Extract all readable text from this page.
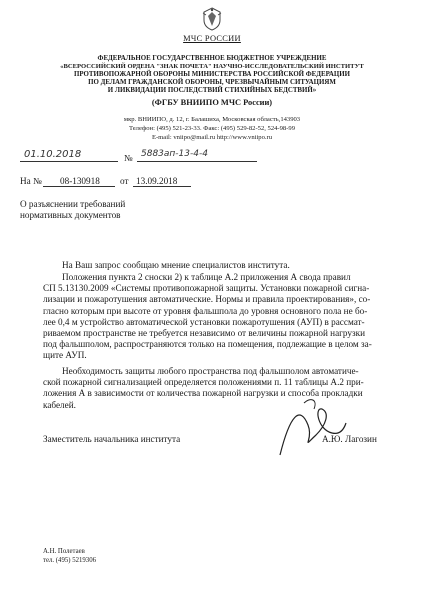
МЧС РОССИИ
ФЕДЕРАЛЬНОЕ ГОСУДАРСТВЕННОЕ БЮДЖЕТНОЕ УЧРЕЖДЕНИЕ
«ВСЕРОССИЙСКИЙ ОРДЕНА "ЗНАК ПОЧЕТА" НАУЧНО-ИССЛЕДОВАТЕЛЬСКИЙ ИНСТИТУТ
ПРОТИВОПОЖАРНОЙ ОБОРОНЫ МИНИСТЕРСТВА РОССИЙСКОЙ ФЕДЕРАЦИИ
ПО ДЕЛАМ ГРАЖДАНСКОЙ ОБОРОНЫ, ЧРЕЗВЫЧАЙНЫМ СИТУАЦИЯМ
И ЛИКВИДАЦИИ ПОСЛЕДСТВИЙ СТИХИЙНЫХ БЕДСТВИЙ»
(ФГБУ ВНИИПО МЧС России)
мкр. ВНИИПО, д. 12, г. Балашиха, Московская область,143903
Телефон: (495) 521-23-33. Факс: (495) 529-82-52, 524-98-99
E-mail: vniipo@mail.ru http://www.vniipo.ru
01.10.2018	№ 5883ап-13-4-4
На № 08-130918 от 13.09.2018
О разъяснении требований
нормативных документов
На Ваш запрос сообщаю мнение специалистов института.
Положения пункта 2 сноски 2) к таблице А.2 приложения А свода правил
СП 5.13130.2009 «Системы противопожарной защиты. Установки пожарной сигна-
лизации и пожаротушения автоматические. Нормы и правила проектирования», со-
гласно которым при высоте от уровня фальшпола до уровня основного пола не бо-
лее 0,4 м устройство автоматической установки пожаротушения (АУП) в рассмат-
риваемом пространстве не требуется независимо от величины пожарной нагрузки
под фальшполом, распространяются только на помещения, подлежащие в целом за-
щите АУП.
Необходимость защиты любого пространства под фальшполом автоматиче-
ской пожарной сигнализацией определяется положениями п. 11 таблицы А.2 при-
ложения А в зависимости от количества пожарной нагрузки и способа прокладки
кабелей.
Заместитель начальника института	А.Ю. Лагозин
А.Н. Полетаев
тел. (495) 5219306
